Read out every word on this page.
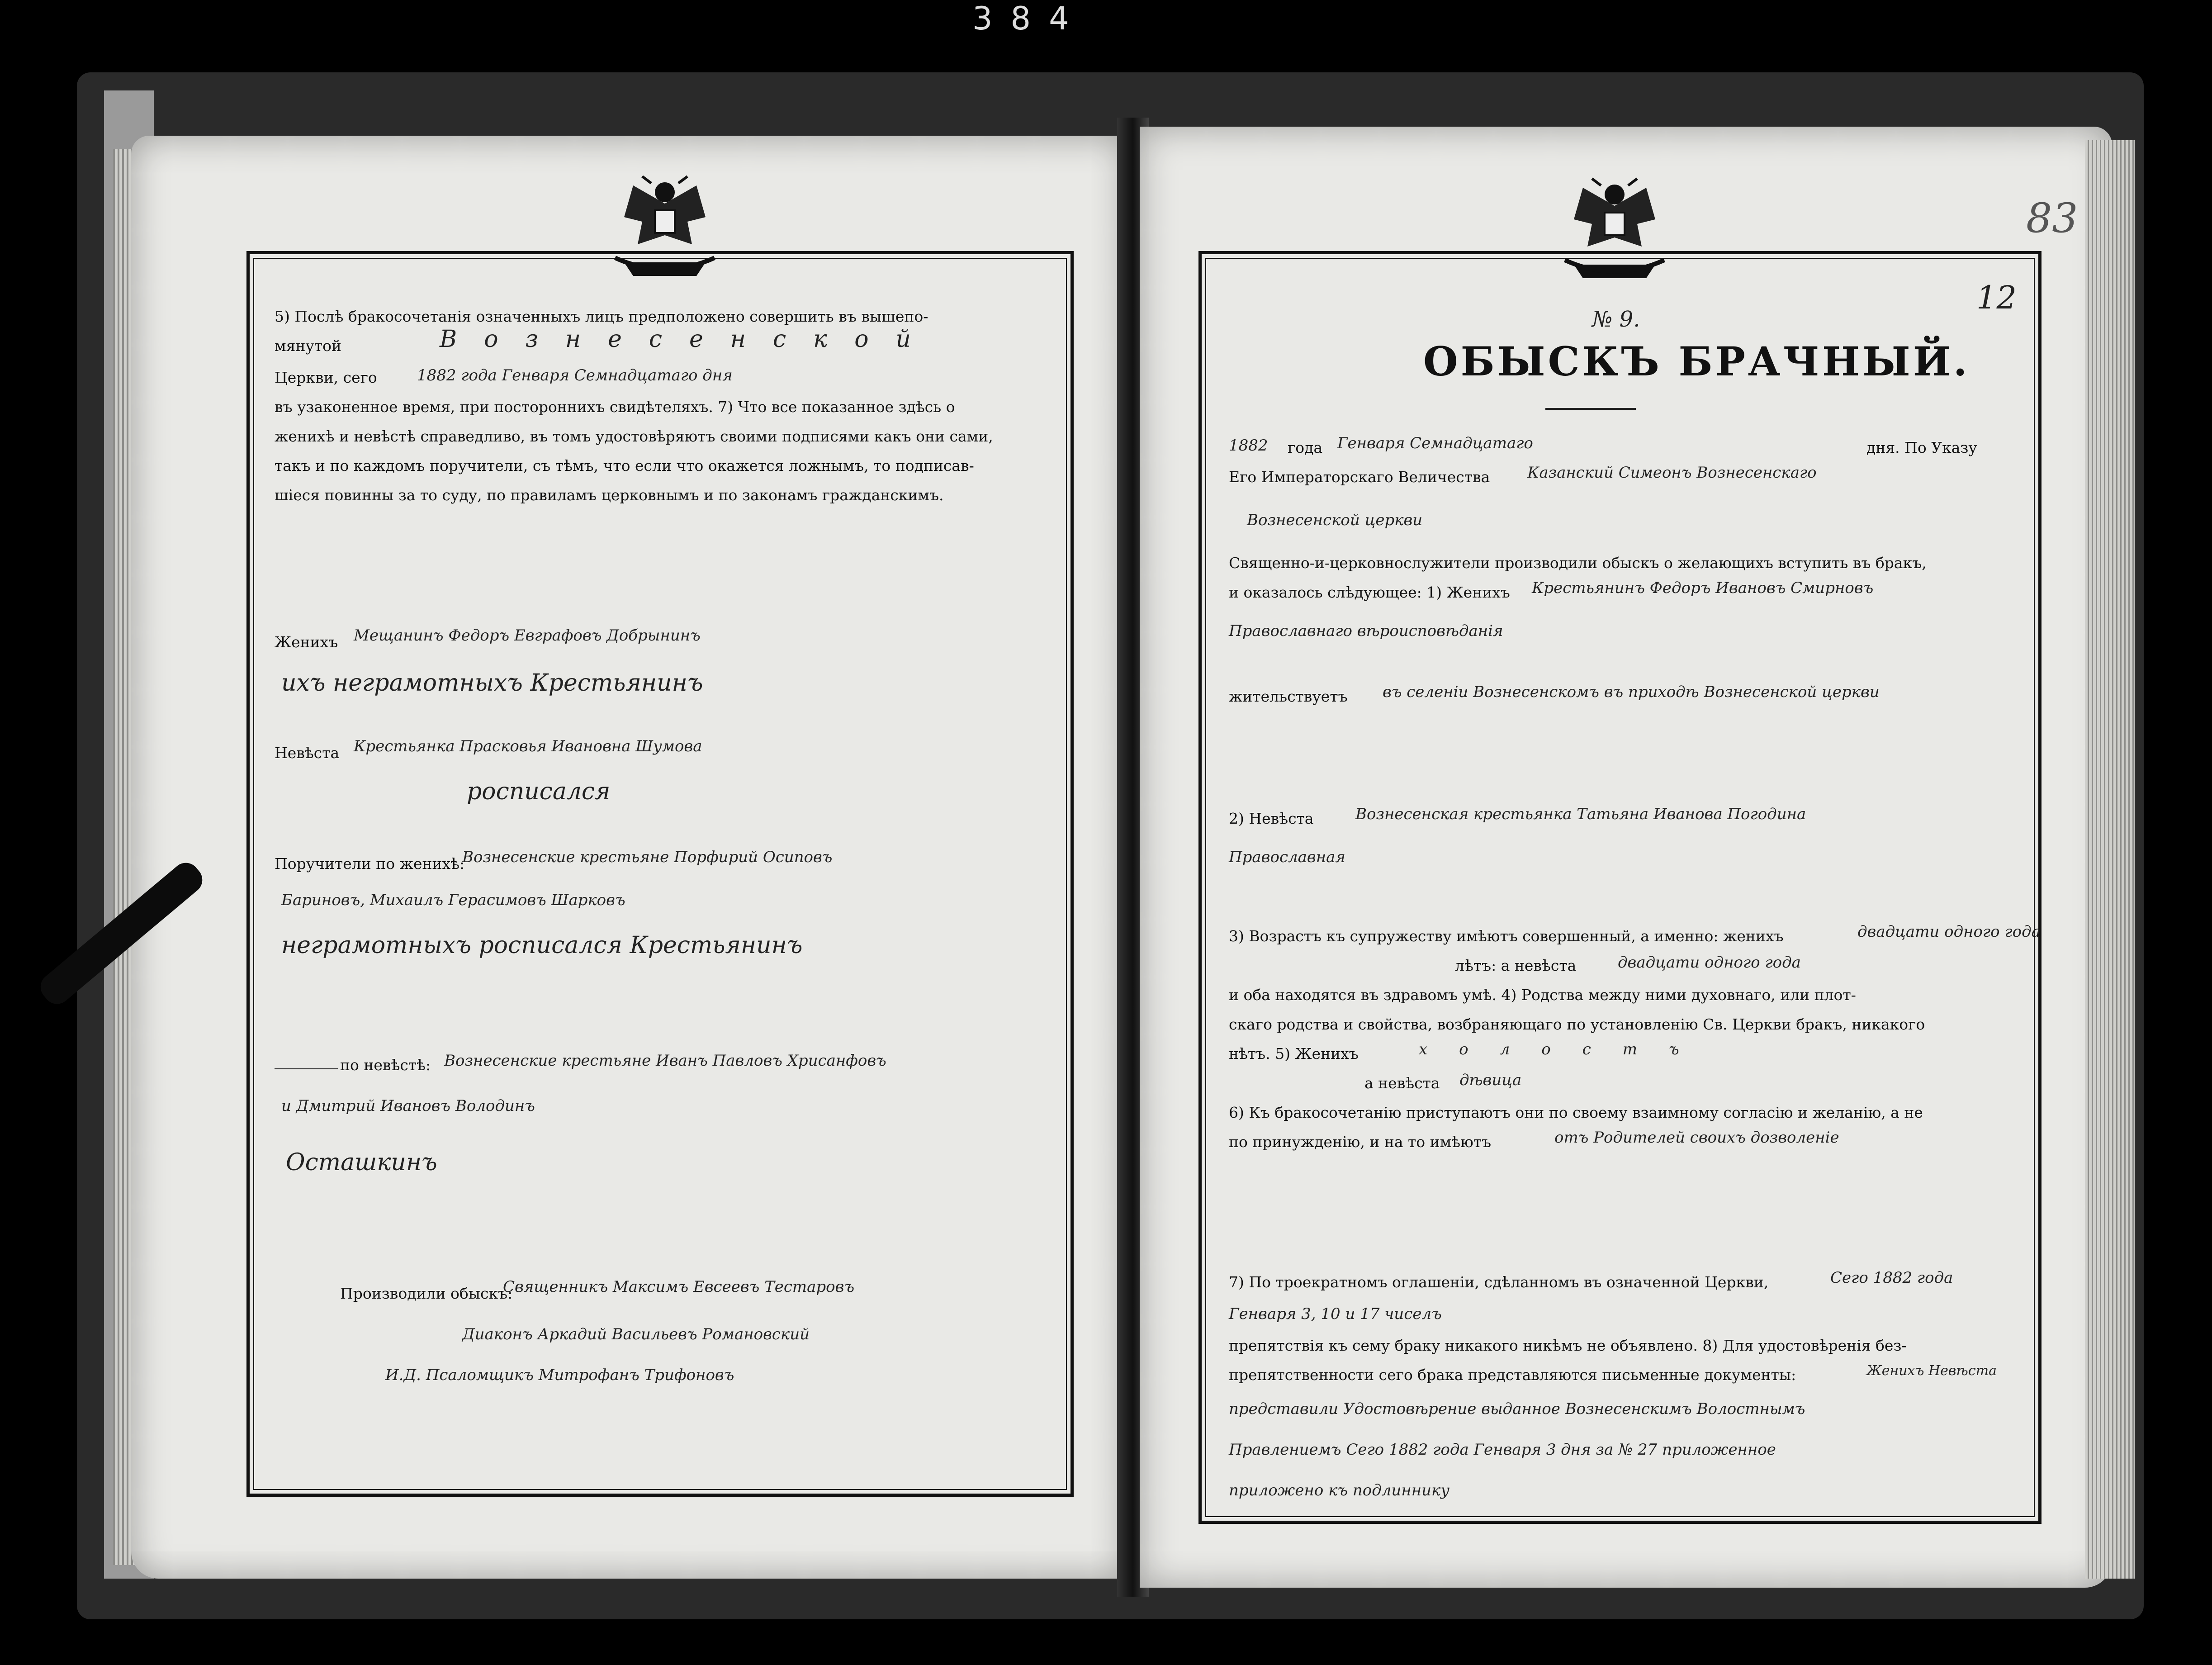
384
5) Послѣ бракосочетанія означенныхъ лицъ предположено совершить въ вышепо-
мянутой	Вознесенской
Церкви, сего	1882 года Генваря Семнадцатаго дня
въ узаконенное время, при постороннихъ свидѣтеляхъ. 7) Что все показанное здѣсь о
женихѣ и невѣстѣ справедливо, въ томъ удостовѣряютъ своими подписями какъ они сами,
такъ и по каждомъ поручители, съ тѣмъ, что если что окажется ложнымъ, то подписав-
шіеся повинны за то суду, по правиламъ церковнымъ и по законамъ гражданскимъ.
Женихъ Мещанинъ Федоръ Евграфовъ Добрынинъ
ихъ неграмотныхъ Крестьянинъ
Невѣста Крестьянка Прасковья Ивановна Шумова
росписался
Поручители по женихѣ:
Вознесенские крестьяне Порфирий Осиповъ
Бариновъ, Михаилъ Герасимовъ Шарковъ
неграмотныхъ росписался Крестьянинъ
по невѣстѣ: Вознесенские крестьяне Иванъ Павловъ Хрисанфовъ
и Дмитрий Ивановъ Володинъ
Осташкинъ
Производили обыскъ:
Священникъ Максимъ Евсеевъ Тестаровъ
Диаконъ Аркадий Васильевъ Романовский
И.Д. Псаломщикъ Митрофанъ Трифоновъ
83
№ 9.
12
ОБЫСКЪ БРАЧНЫЙ.
1882 года Генваря Семнадцатаго	дня. По Указу
Его Императорскаго Величества Казанский Симеонъ Вознесенскаго
Вознесенской церкви
Священно-и-церковнослужители производили обыскъ о желающихъ вступить въ бракъ,
и оказалось слѣдующее: 1) Женихъ Крестьянинъ Федоръ Ивановъ Смирновъ
Православнаго вѣроисповѣданія
жительствуетъ въ селеніи Вознесенскомъ въ приходѣ Вознесенской церкви
2) Невѣста	Вознесенская крестьянка Татьяна Иванова Погодина
Православная
3) Возрастъ къ супружеству имѣютъ совершенный, а именно: женихъ	двадцати одного года
лѣтъ: а невѣста	двадцати одного года
и оба находятся въ здравомъ умѣ. 4) Родства между ними духовнаго, или плот-
скаго родства и свойства, возбраняющаго по установленію Св. Церкви бракъ, никакого
нѣтъ. 5) Женихъ	холостъ
а невѣста дѣвица
6) Къ бракосочетанію приступаютъ они по своему взаимному согласію и желанію, а не
по принужденію, и на то имѣютъ	отъ Родителей своихъ дозволенiе
7) По троекратномъ оглашеніи, сдѣланномъ въ означенной Церкви,	Сего 1882 года
Генваря 3, 10 и 17 чиселъ
препятствія къ сему браку никакого никѣмъ не объявлено. 8) Для удостовѣренія без-
препятственности сего брака представляются письменные документы:	Женихъ Невѣста
представили Удостовѣрение выданное Вознесенскимъ Волостнымъ
Правлениемъ Сего 1882 года Генваря 3 дня за № 27 приложенное
приложено къ подлиннику
